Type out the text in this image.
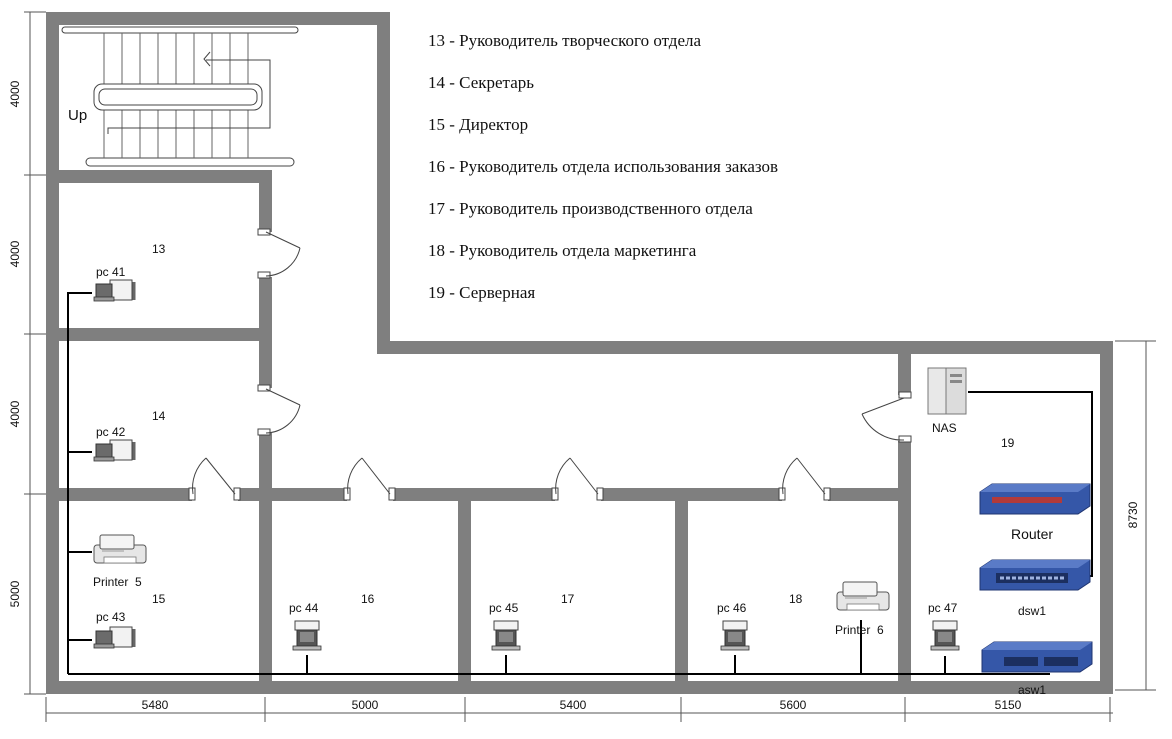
13 - Руководитель творческого отдела
14 - Секретарь
15 - Директор
16 - Руководитель отдела использования заказов
17 - Руководитель производственного отдела
18 - Руководитель отдела маркетинга
19 - Серверная
Up
13
14
15	16	17	18
19
pc 41
pc 42
pc 43
pc 44	pc 45	pc 46	pc 47
Printer  5
Printer  6
NAS
Router
dsw1
asw1
4000
4000
4000
5000
5480	5000	5400	5600	5150
8730
